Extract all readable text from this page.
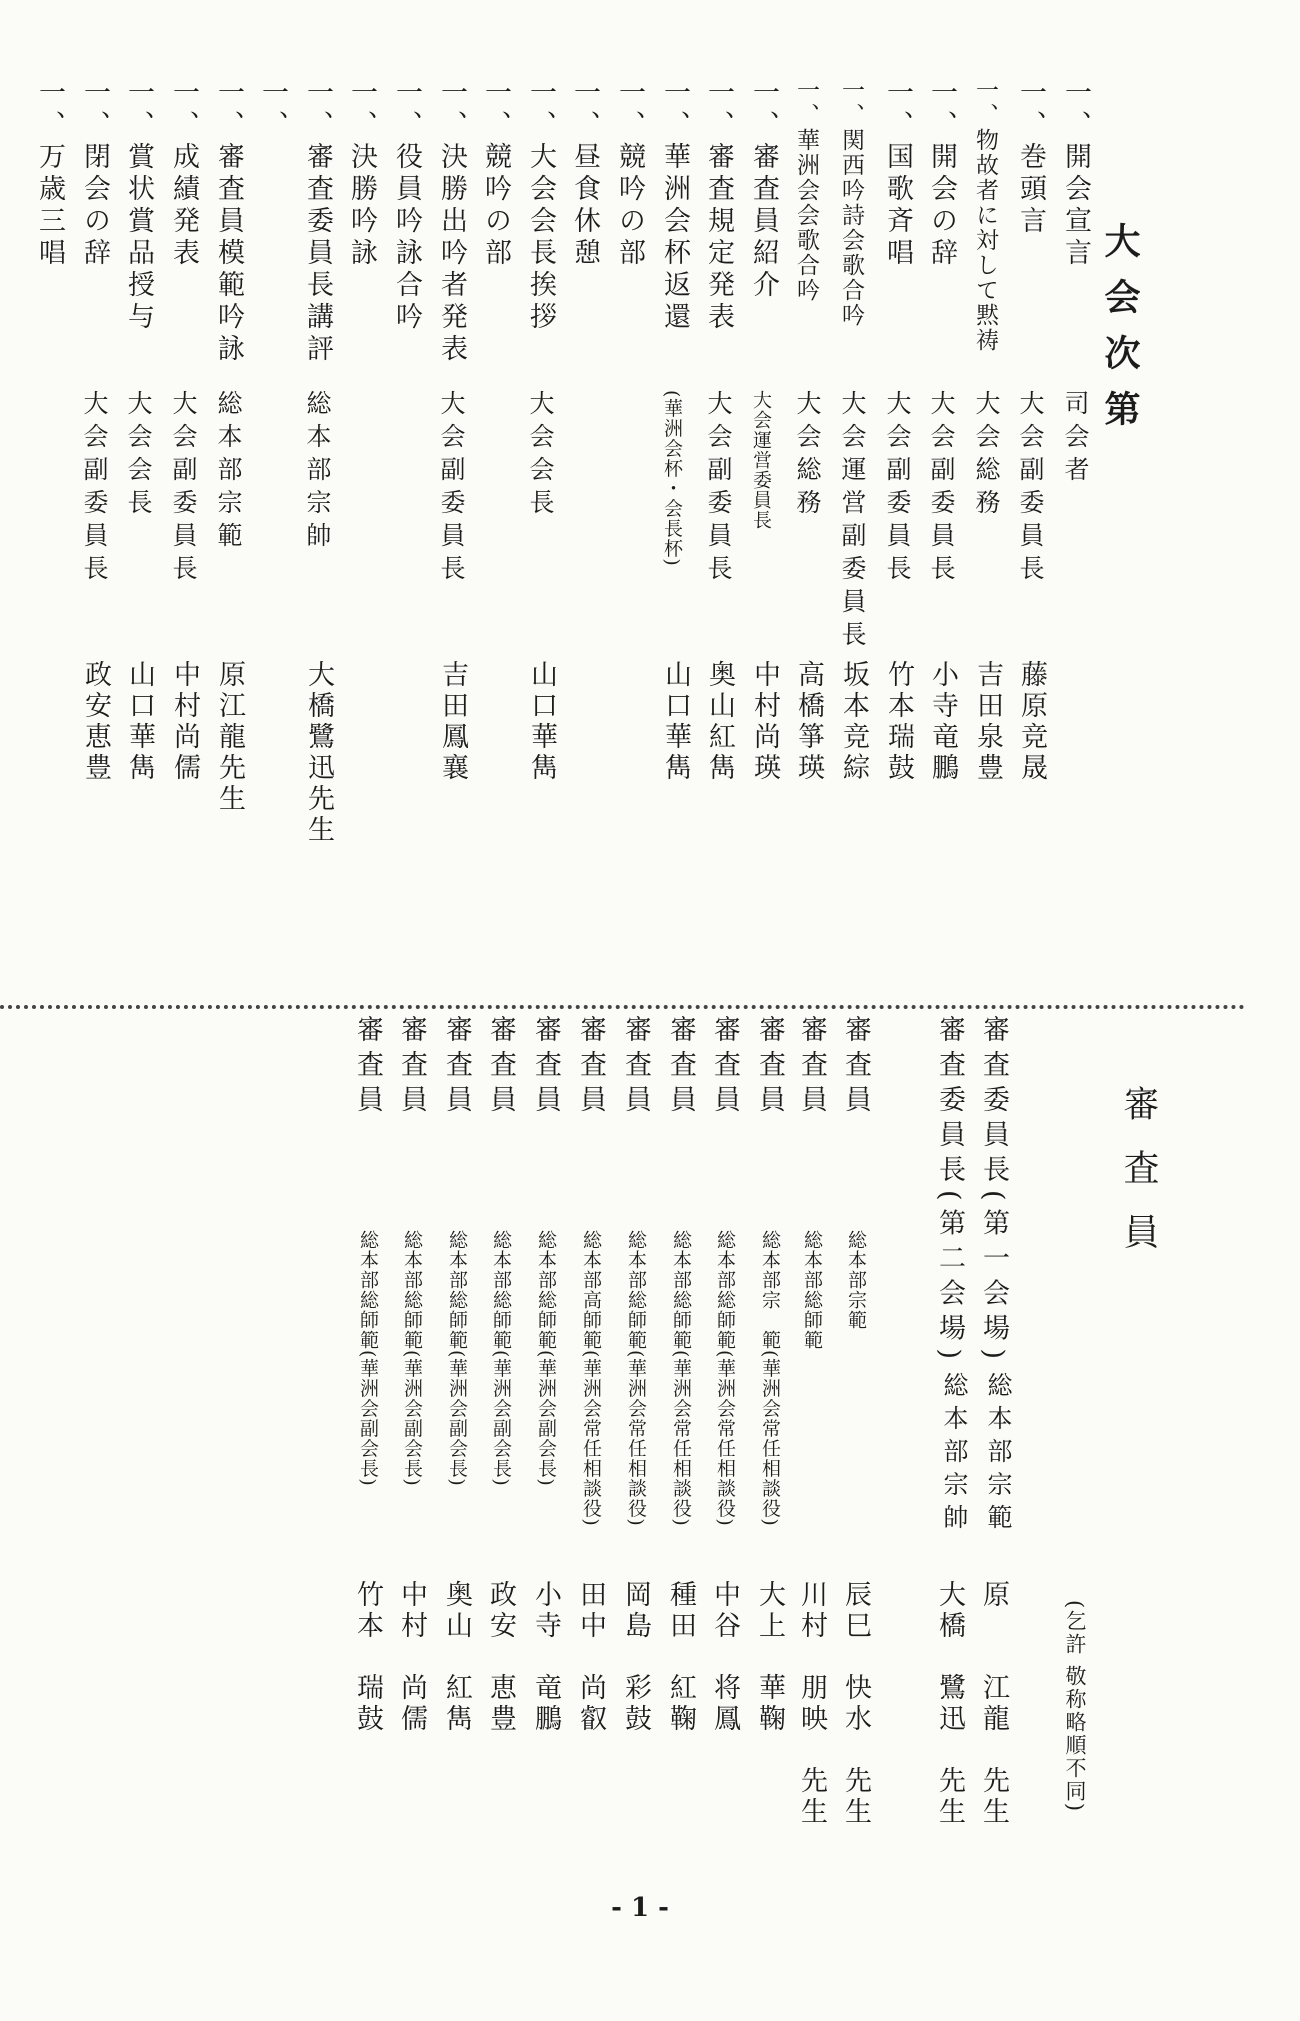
大会次第
一、開会宣言
司会者
一、巻頭言
大会副委員長
藤原竞晟
一、物故者に対して黙祷
大会総務
吉田泉豊
一、開会の辞
大会副委員長
小寺竜鵬
一、国歌斉唱
大会副委員長
竹本瑞鼓
一、関西吟詩会歌合吟
大会運営副委員長
坂本竞綜
一、華洲会会歌合吟
大会総務
高橋箏瑛
一、審査員紹介
大会運営委員長
中村尚瑛
一、審査規定発表
大会副委員長
奥山紅雋
一、華洲会杯返還
(華洲会杯・会長杯)
山口華雋
一、競吟の部
一、昼食休憩
一、大会会長挨拶
大会会長
山口華雋
一、競吟の部
一、決勝出吟者発表
大会副委員長
吉田鳳襄
一、役員吟詠合吟
一、決勝吟詠
一、審査委員長講評
総本部宗帥
大橋鷺迅先生
一、
一、審査員模範吟詠
総本部宗範
原江龍先生
一、成績発表
大会副委員長
中村尚儒
一、賞状賞品授与
大会会長
山口華雋
一、閉会の辞
大会副委員長
政安恵豊
一、万歳三唱
審査員
(乞許 敬称略順不同)
審査委員長(第一会場)
総本部宗範
原　　江龍　先生
審査委員長(第二会場)
総本部宗帥
大橋　鷺迅　先生
審査員
総本部宗範
辰巳　快水　先生
審査員
総本部総師範
川村　朋映　先生
審査員
総本部宗　範(華洲会常任相談役)
大上　華鞠
審査員
総本部総師範(華洲会常任相談役)
中谷　将鳳
審査員
総本部総師範(華洲会常任相談役)
種田　紅鞠
審査員
総本部総師範(華洲会常任相談役)
岡島　彩鼓
審査員
総本部高師範(華洲会常任相談役)
田中　尚叡
審査員
総本部総師範(華洲会副会長)
小寺　竜鵬
審査員
総本部総師範(華洲会副会長)
政安　恵豊
審査員
総本部総師範(華洲会副会長)
奥山　紅雋
審査員
総本部総師範(華洲会副会長)
中村　尚儒
審査員
総本部総師範(華洲会副会長)
竹本　瑞鼓
- 1 -
